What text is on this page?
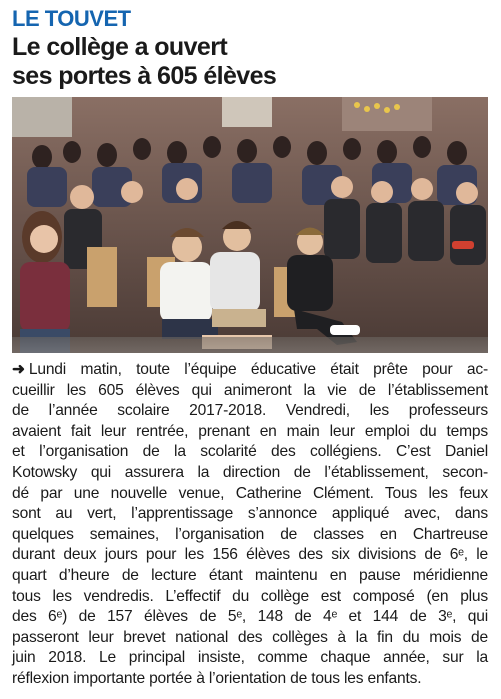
LE TOUVET
Le collège a ouvert
ses portes à 605 élèves
➜ Lundi matin, toute l’équipe éducative était prête pour ac-
cueillir les 605 élèves qui animeront la vie de l’établissement
de l’année scolaire 2017-2018. Vendredi, les professeurs
avaient fait leur rentrée, prenant en main leur emploi du temps
et l’organisation de la scolarité des collégiens. C’est Daniel
Kotowsky qui assurera la direction de l’établissement, secon-
dé par une nouvelle venue, Catherine Clément. Tous les feux
sont au vert, l’apprentissage s’annonce appliqué avec, dans
quelques semaines, l’organisation de classes en Chartreuse
durant deux jours pour les 156 élèves des six divisions de 6ᵉ, le
quart d’heure de lecture étant maintenu en pause méridienne
tous les vendredis. L’effectif du collège est composé (en plus
des 6ᵉ) de 157 élèves de 5ᵉ, 148 de 4ᵉ et 144 de 3ᵉ, qui
passeront leur brevet national des collèges à la fin du mois de
juin 2018. Le principal insiste, comme chaque année, sur la
réflexion importante portée à l’orientation de tous les enfants.
